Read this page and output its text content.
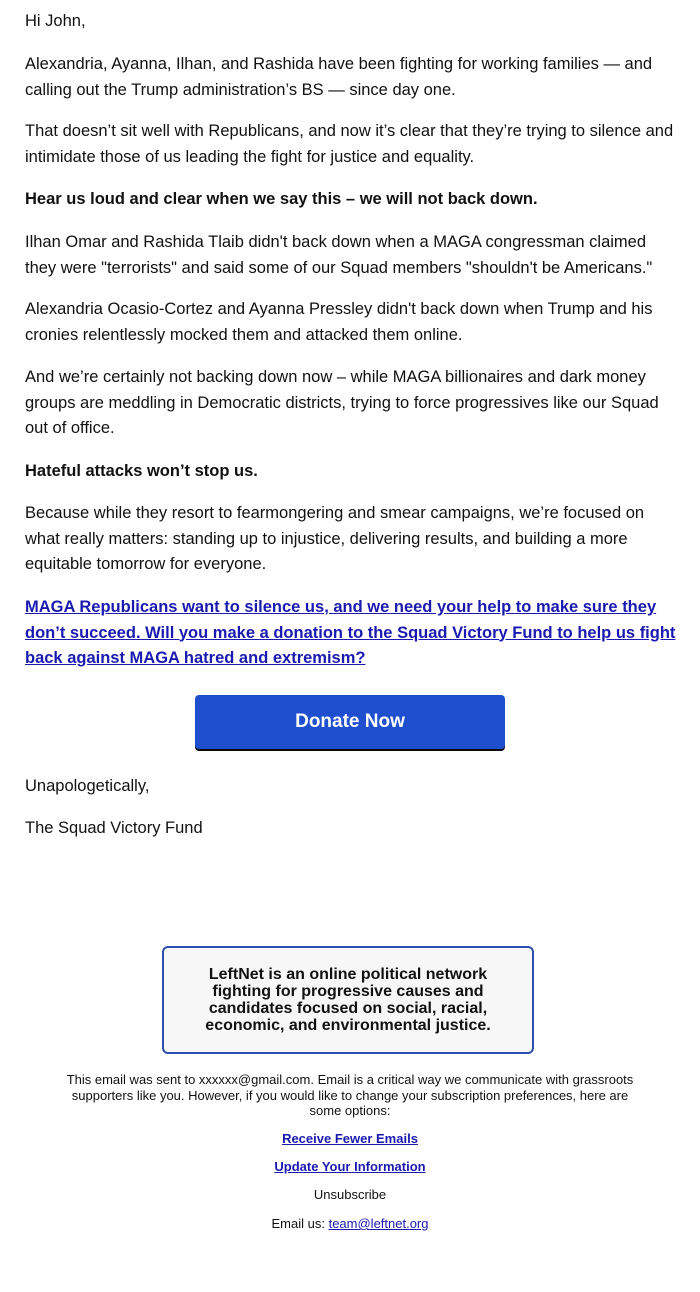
Hi John,

Alexandria, Ayanna, Ilhan, and Rashida have been fighting for working families — and calling out the Trump administration’s BS — since day one.

That doesn’t sit well with Republicans, and now it’s clear that they’re trying to silence and intimidate those of us leading the fight for justice and equality.

Hear us loud and clear when we say this – we will not back down.

Ilhan Omar and Rashida Tlaib didn't back down when a MAGA congressman claimed they were "terrorists" and said some of our Squad members "shouldn't be Americans."

Alexandria Ocasio-Cortez and Ayanna Pressley didn't back down when Trump and his cronies relentlessly mocked them and attacked them online.

And we’re certainly not backing down now – while MAGA billionaires and dark money groups are meddling in Democratic districts, trying to force progressives like our Squad out of office.

Hateful attacks won’t stop us.

Because while they resort to fearmongering and smear campaigns, we’re focused on what really matters: standing up to injustice, delivering results, and building a more equitable tomorrow for everyone.

MAGA Republicans want to silence us, and we need your help to make sure they don’t succeed. Will you make a donation to the Squad Victory Fund to help us fight back against MAGA hatred and extremism?
Donate Now

Unapologetically,

The Squad Victory Fund

LeftNet is an online political network fighting for progressive causes and candidates focused on social, racial, economic, and environmental justice.
This email was sent to xxxxxx@gmail.com. Email is a critical way we communicate with grassroots supporters like you. However, if you would like to change your subscription preferences, here are some options:
Receive Fewer Emails
Update Your Information
Unsubscribe
Email us: team@leftnet.org
